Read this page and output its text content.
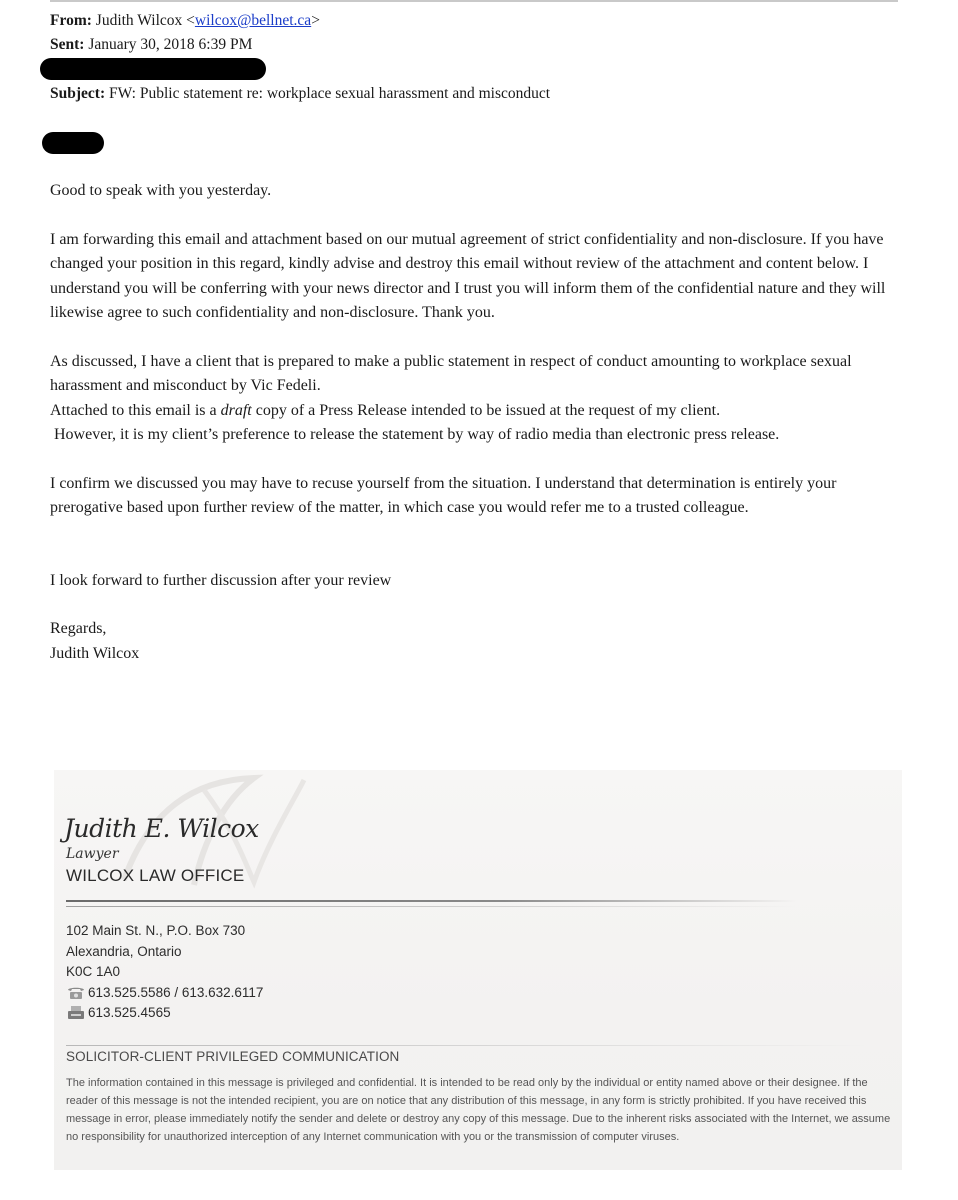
From: Judith Wilcox <wilcox@bellnet.ca>
Sent: January 30, 2018 6:39 PM
Subject: FW: Public statement re: workplace sexual harassment and misconduct

Good to speak with you yesterday.

I am forwarding this email and attachment based on our mutual agreement of strict confidentiality and non-disclosure. If you have changed your position in this regard, kindly advise and destroy this email without review of the attachment and content below. I understand you will be conferring with your news director and I trust you will inform them of the confidential nature and they will likewise agree to such confidentiality and non-disclosure. Thank you.

As discussed, I have a client that is prepared to make a public statement in respect of conduct amounting to workplace sexual harassment and misconduct by Vic Fedeli.

Attached to this email is a draft copy of a Press Release intended to be issued at the request of my client.

However, it is my client’s preference to release the statement by way of radio media than electronic press release.

I confirm we discussed you may have to recuse yourself from the situation. I understand that determination is entirely your prerogative based upon further review of the matter, in which case you would refer me to a trusted colleague.

I look forward to further discussion after your review

Regards,

Judith Wilcox

Judith E. Wilcox
Lawyer
WILCOX LAW OFFICE
102 Main St. N., P.O. Box 730
Alexandria, Ontario
K0C 1A0
613.525.5586 / 613.632.6117
613.525.4565
SOLICITOR-CLIENT PRIVILEGED COMMUNICATION
The information contained in this message is privileged and confidential. It is intended to be read only by the individual or entity named above or their designee. If the reader of this message is not the intended recipient, you are on notice that any distribution of this message, in any form is strictly prohibited. If you have received this message in error, please immediately notify the sender and delete or destroy any copy of this message. Due to the inherent risks associated with the Internet, we assume no responsibility for unauthorized interception of any Internet communication with you or the transmission of computer viruses.
